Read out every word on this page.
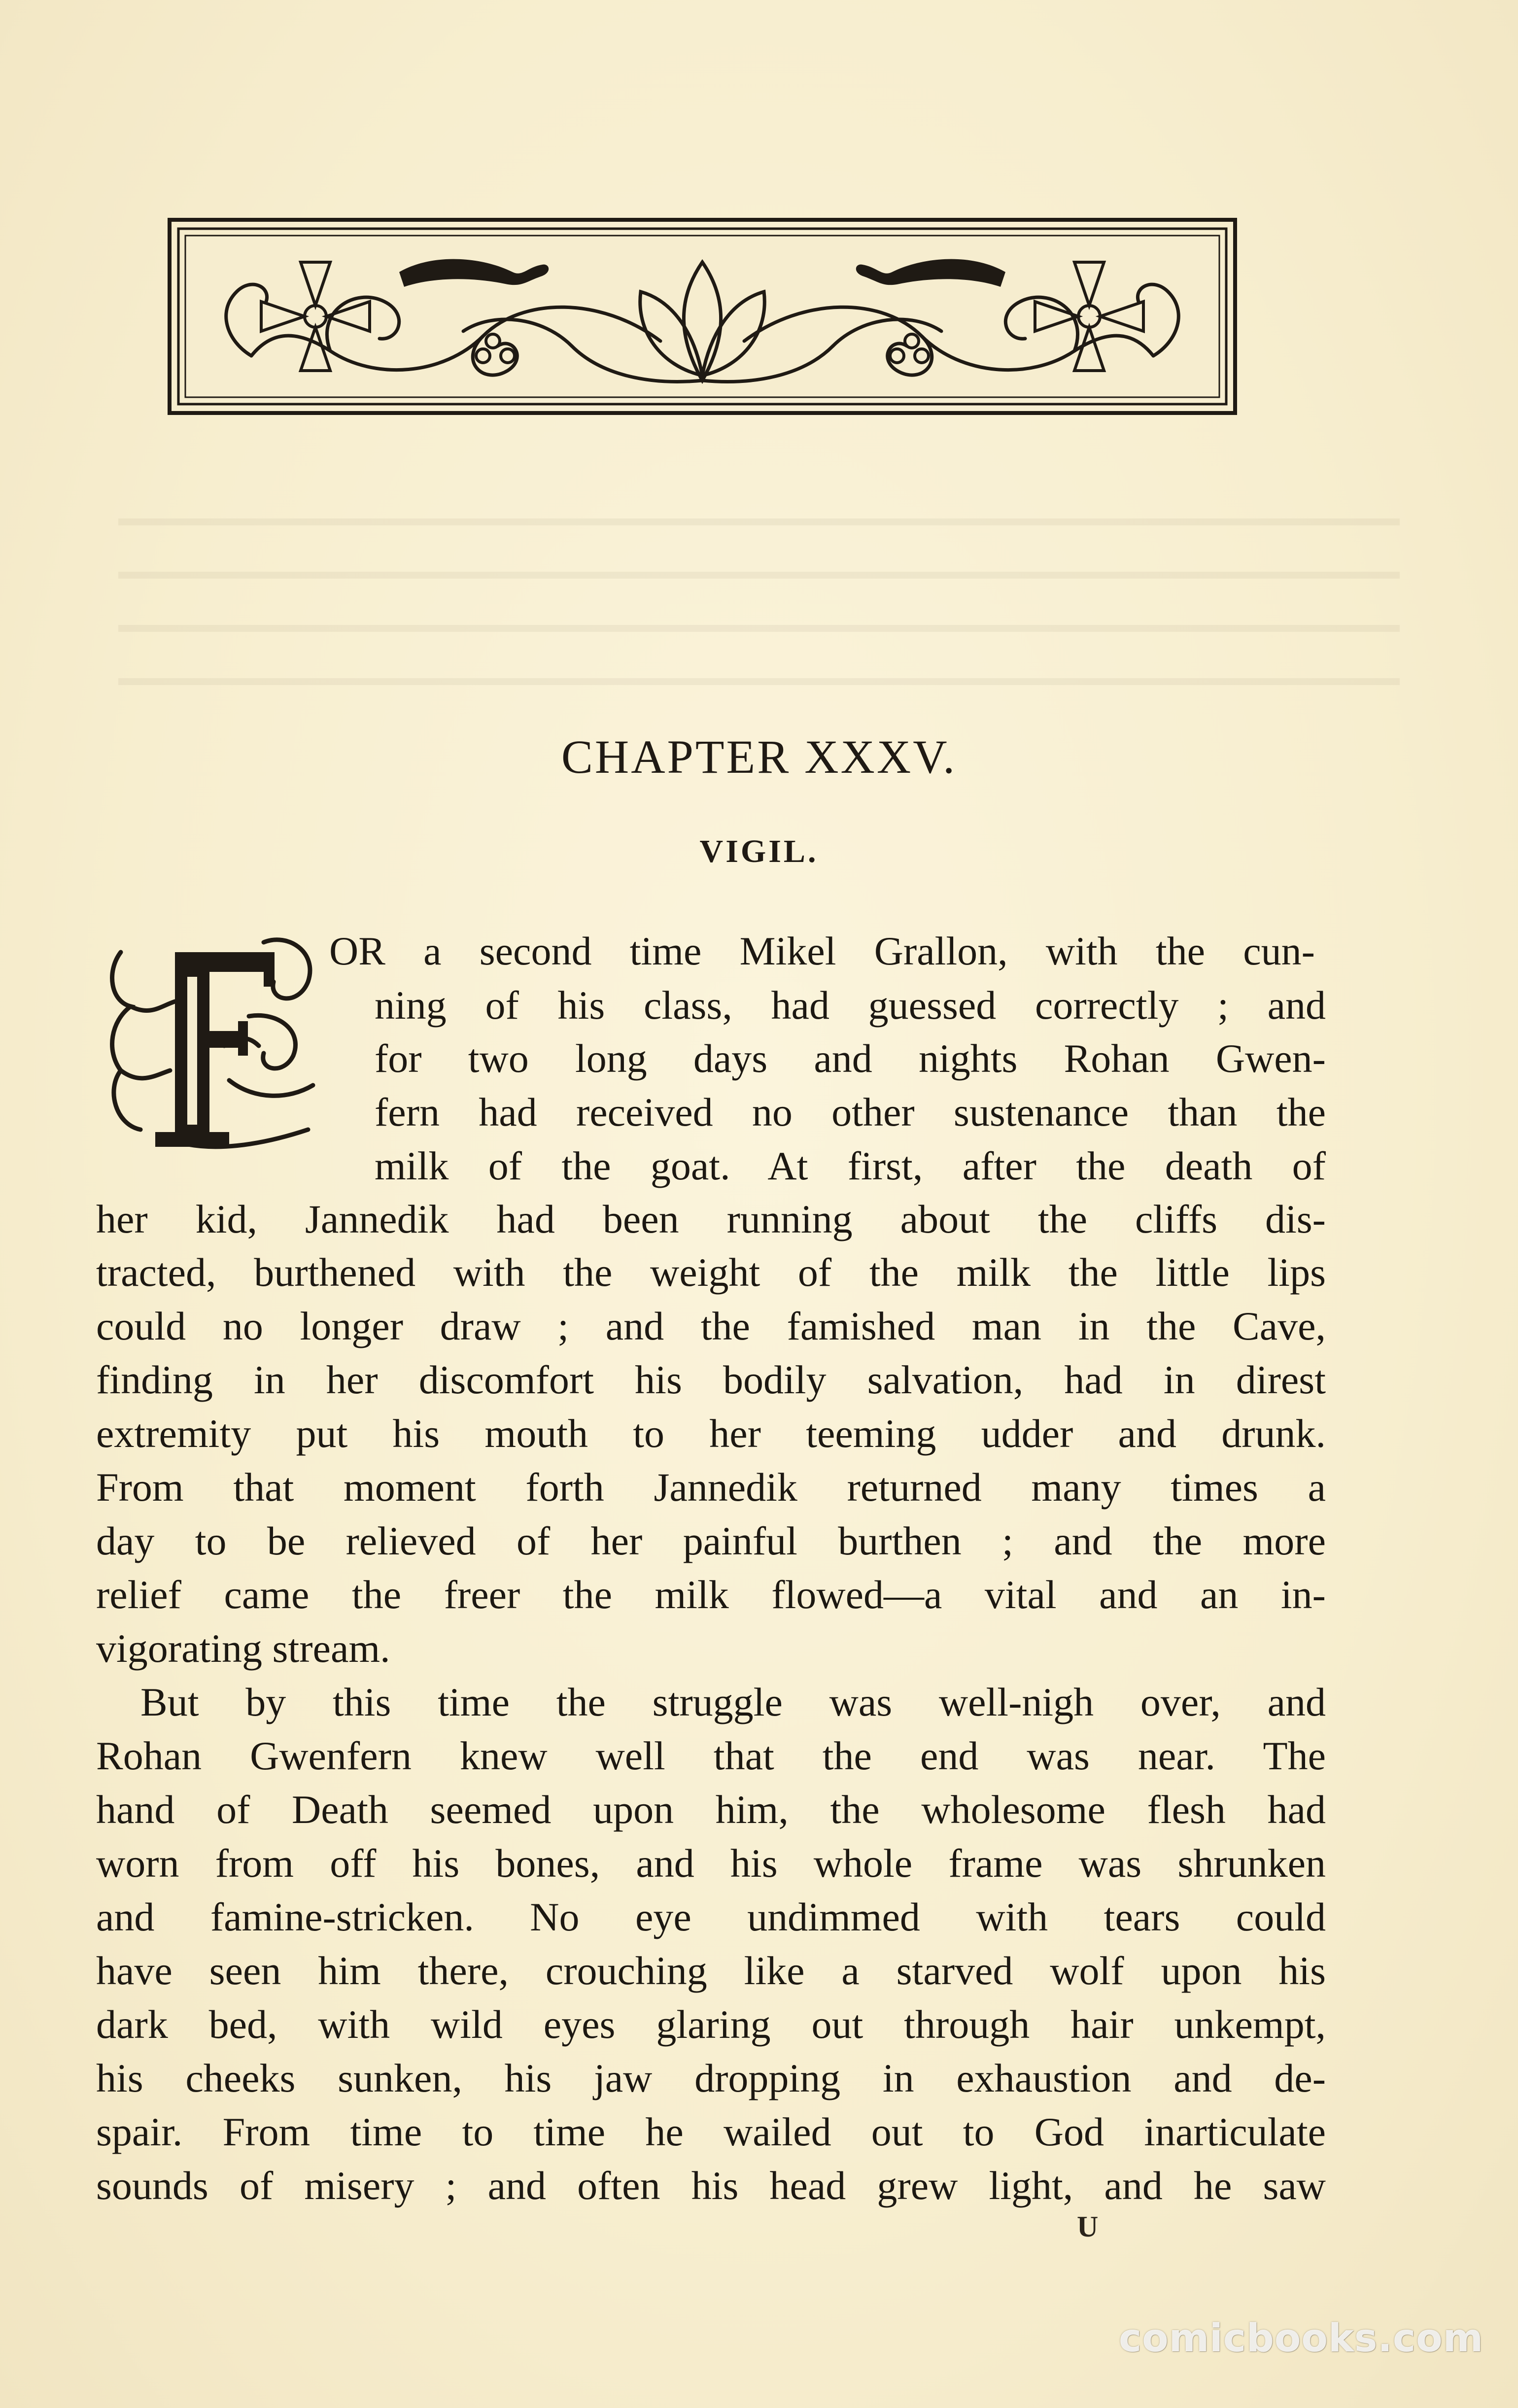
CHAPTER XXXV.
VIGIL.
OR a second time Mikel Grallon, with the cun-
ning of his class, had guessed correctly ; and
for two long days and nights Rohan Gwen-
fern had received no other sustenance than the
milk of the goat. At first, after the death of
her kid, Jannedik had been running about the cliffs dis-
tracted, burthened with the weight of the milk the little lips
could no longer draw ; and the famished man in the Cave,
finding in her discomfort his bodily salvation, had in direst
extremity put his mouth to her teeming udder and drunk.
From that moment forth Jannedik returned many times a
day to be relieved of her painful burthen ; and the more
relief came the freer the milk flowed—a vital and an in-
vigorating stream.
But by this time the struggle was well-nigh over, and
Rohan Gwenfern knew well that the end was near. The
hand of Death seemed upon him, the wholesome flesh had
worn from off his bones, and his whole frame was shrunken
and famine-stricken. No eye undimmed with tears could
have seen him there, crouching like a starved wolf upon his
dark bed, with wild eyes glaring out through hair unkempt,
his cheeks sunken, his jaw dropping in exhaustion and de-
spair. From time to time he wailed out to God inarticulate
sounds of misery ; and often his head grew light, and he saw
U
comicbooks.com
